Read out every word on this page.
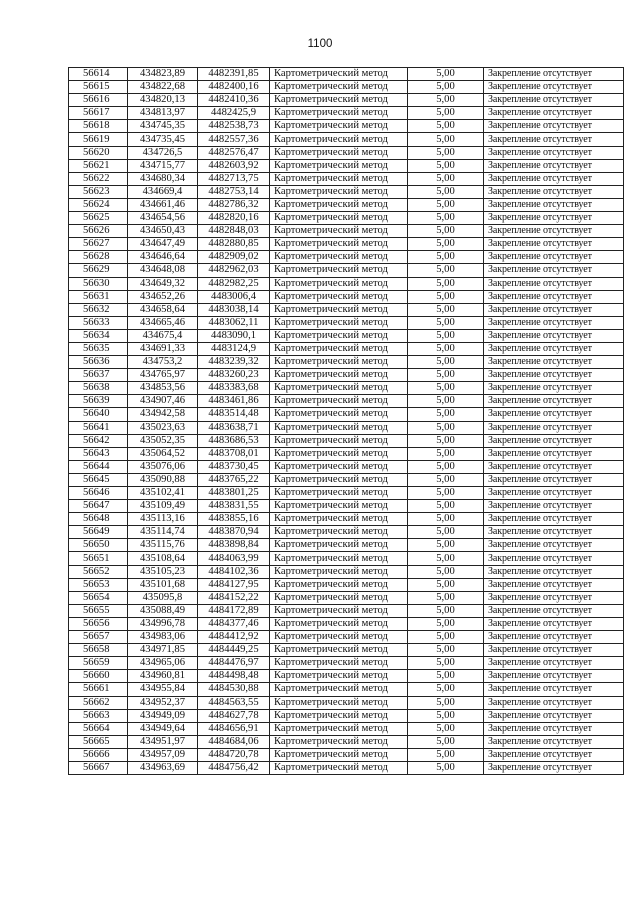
1100
56614	434823,89	4482391,85	Картометрический метод	5,00	Закрепление отсутствует
56615	434822,68	4482400,16	Картометрический метод	5,00	Закрепление отсутствует
56616	434820,13	4482410,36	Картометрический метод	5,00	Закрепление отсутствует
56617	434813,97	4482425,9	Картометрический метод	5,00	Закрепление отсутствует
56618	434745,35	4482538,73	Картометрический метод	5,00	Закрепление отсутствует
56619	434735,45	4482557,36	Картометрический метод	5,00	Закрепление отсутствует
56620	434726,5	4482576,47	Картометрический метод	5,00	Закрепление отсутствует
56621	434715,77	4482603,92	Картометрический метод	5,00	Закрепление отсутствует
56622	434680,34	4482713,75	Картометрический метод	5,00	Закрепление отсутствует
56623	434669,4	4482753,14	Картометрический метод	5,00	Закрепление отсутствует
56624	434661,46	4482786,32	Картометрический метод	5,00	Закрепление отсутствует
56625	434654,56	4482820,16	Картометрический метод	5,00	Закрепление отсутствует
56626	434650,43	4482848,03	Картометрический метод	5,00	Закрепление отсутствует
56627	434647,49	4482880,85	Картометрический метод	5,00	Закрепление отсутствует
56628	434646,64	4482909,02	Картометрический метод	5,00	Закрепление отсутствует
56629	434648,08	4482962,03	Картометрический метод	5,00	Закрепление отсутствует
56630	434649,32	4482982,25	Картометрический метод	5,00	Закрепление отсутствует
56631	434652,26	4483006,4	Картометрический метод	5,00	Закрепление отсутствует
56632	434658,64	4483038,14	Картометрический метод	5,00	Закрепление отсутствует
56633	434665,46	4483062,11	Картометрический метод	5,00	Закрепление отсутствует
56634	434675,4	4483090,1	Картометрический метод	5,00	Закрепление отсутствует
56635	434691,33	4483124,9	Картометрический метод	5,00	Закрепление отсутствует
56636	434753,2	4483239,32	Картометрический метод	5,00	Закрепление отсутствует
56637	434765,97	4483260,23	Картометрический метод	5,00	Закрепление отсутствует
56638	434853,56	4483383,68	Картометрический метод	5,00	Закрепление отсутствует
56639	434907,46	4483461,86	Картометрический метод	5,00	Закрепление отсутствует
56640	434942,58	4483514,48	Картометрический метод	5,00	Закрепление отсутствует
56641	435023,63	4483638,71	Картометрический метод	5,00	Закрепление отсутствует
56642	435052,35	4483686,53	Картометрический метод	5,00	Закрепление отсутствует
56643	435064,52	4483708,01	Картометрический метод	5,00	Закрепление отсутствует
56644	435076,06	4483730,45	Картометрический метод	5,00	Закрепление отсутствует
56645	435090,88	4483765,22	Картометрический метод	5,00	Закрепление отсутствует
56646	435102,41	4483801,25	Картометрический метод	5,00	Закрепление отсутствует
56647	435109,49	4483831,55	Картометрический метод	5,00	Закрепление отсутствует
56648	435113,16	4483855,16	Картометрический метод	5,00	Закрепление отсутствует
56649	435114,74	4483870,94	Картометрический метод	5,00	Закрепление отсутствует
56650	435115,76	4483898,84	Картометрический метод	5,00	Закрепление отсутствует
56651	435108,64	4484063,99	Картометрический метод	5,00	Закрепление отсутствует
56652	435105,23	4484102,36	Картометрический метод	5,00	Закрепление отсутствует
56653	435101,68	4484127,95	Картометрический метод	5,00	Закрепление отсутствует
56654	435095,8	4484152,22	Картометрический метод	5,00	Закрепление отсутствует
56655	435088,49	4484172,89	Картометрический метод	5,00	Закрепление отсутствует
56656	434996,78	4484377,46	Картометрический метод	5,00	Закрепление отсутствует
56657	434983,06	4484412,92	Картометрический метод	5,00	Закрепление отсутствует
56658	434971,85	4484449,25	Картометрический метод	5,00	Закрепление отсутствует
56659	434965,06	4484476,97	Картометрический метод	5,00	Закрепление отсутствует
56660	434960,81	4484498,48	Картометрический метод	5,00	Закрепление отсутствует
56661	434955,84	4484530,88	Картометрический метод	5,00	Закрепление отсутствует
56662	434952,37	4484563,55	Картометрический метод	5,00	Закрепление отсутствует
56663	434949,09	4484627,78	Картометрический метод	5,00	Закрепление отсутствует
56664	434949,64	4484656,91	Картометрический метод	5,00	Закрепление отсутствует
56665	434951,97	4484684,06	Картометрический метод	5,00	Закрепление отсутствует
56666	434957,09	4484720,78	Картометрический метод	5,00	Закрепление отсутствует
56667	434963,69	4484756,42	Картометрический метод	5,00	Закрепление отсутствует
